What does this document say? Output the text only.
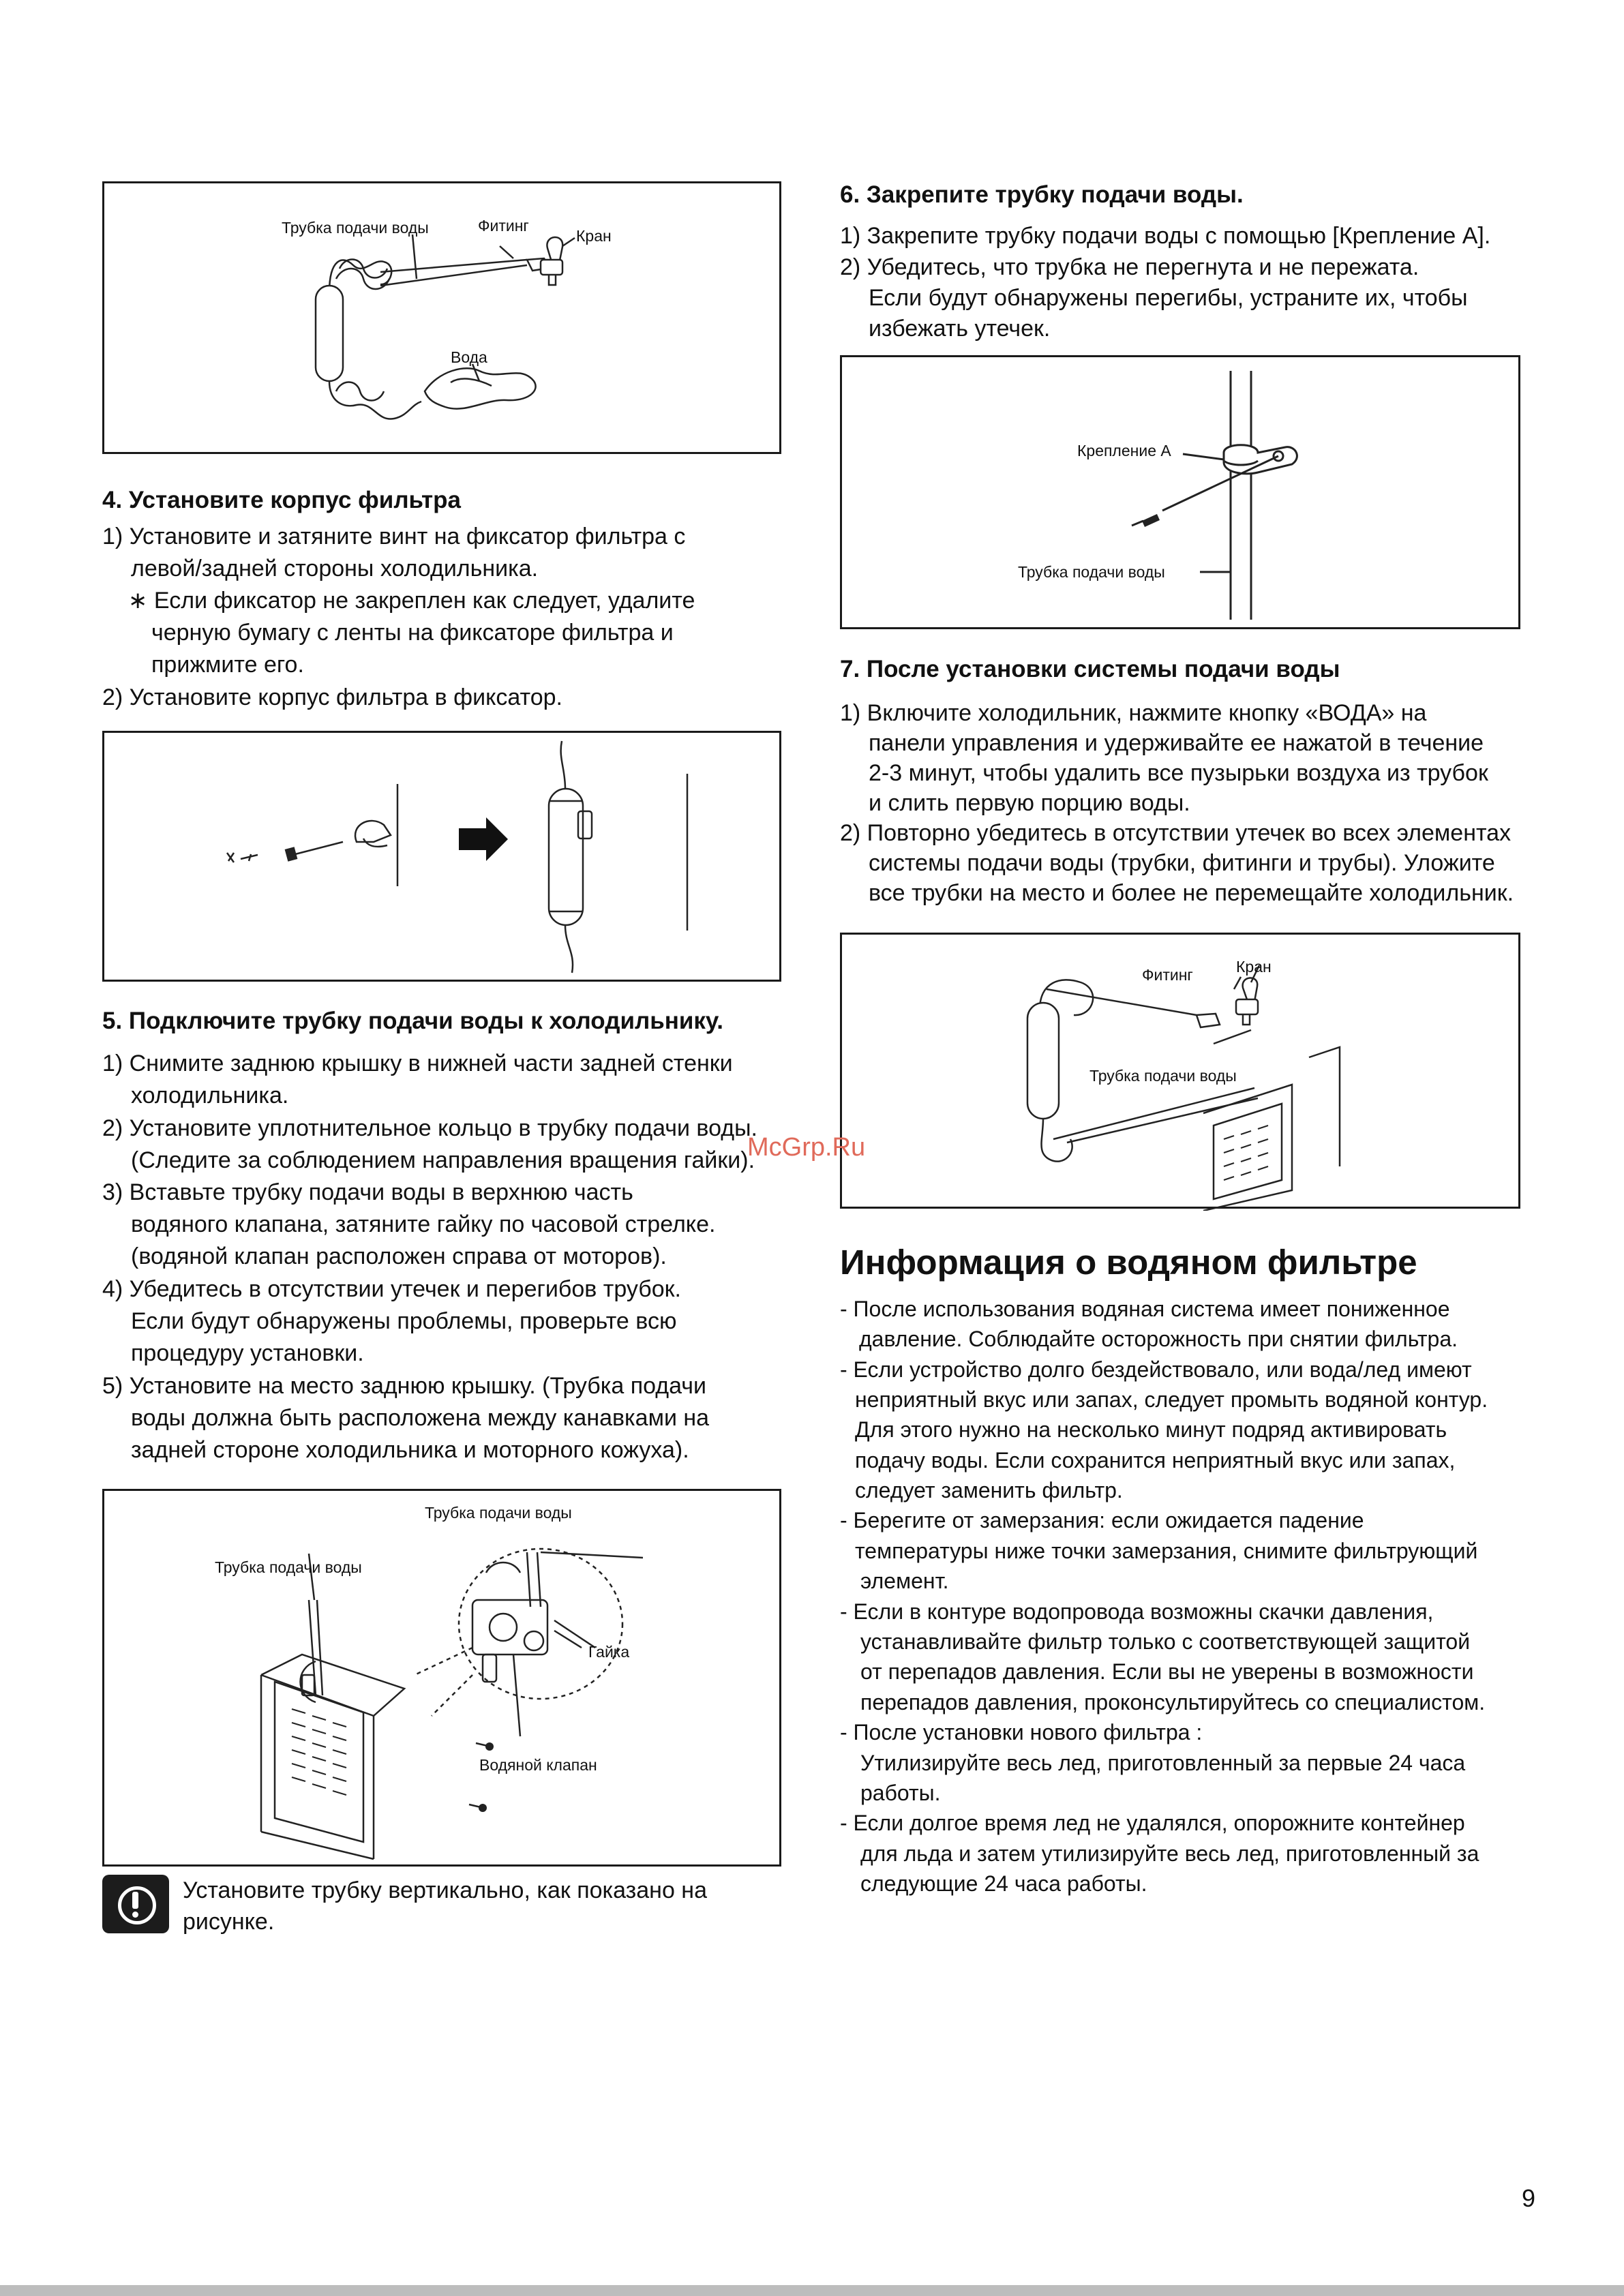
Трубка подачи воды	Фитинг
Кран
Вода
4. Установите корпус фильтра

1) Установите и затяните винт на фиксатор фильтра с

левой/задней стороны холодильника.

∗ Если фиксатор не закреплен как следует, удалите

черную бумагу с ленты на фиксаторе фильтра и

прижмите его.

2) Установите корпус фильтра в фиксатор.

5. Подключите трубку подачи воды к холодильнику.

1) Снимите заднюю крышку в нижней части задней стенки

холодильника.

2) Установите уплотнительное кольцо в трубку подачи воды.

(Следите за соблюдением направления вращения гайки).

3) Вставьте трубку подачи воды в верхнюю часть

водяного клапана, затяните гайку по часовой стрелке.

(водяной клапан расположен справа от моторов).

4) Убедитесь в отсутствии утечек и перегибов трубок.

Если будут обнаружены проблемы, проверьте всю

процедуру установки.

5) Установите на место заднюю крышку. (Трубка подачи

воды должна быть расположена между канавками на

задней стороне холодильника и моторного кожуха).

Трубка подачи воды
Трубка подачи воды
Гайка
Водяной клапан

Установите трубку вертикально, как показано на

рисунке.

6. Закрепите трубку подачи воды.

1) Закрепите трубку подачи воды с помощью [Крепление А].

2) Убедитесь, что трубка не перегнута и не пережата.

Если будут обнаружены перегибы, устраните их, чтобы

избежать утечек.

Крепление А
Трубка подачи воды
7. После установки системы подачи воды

1) Включите холодильник, нажмите кнопку «ВОДА» на

панели управления и удерживайте ее нажатой в течение

2-3 минут, чтобы удалить все пузырьки воздуха из трубок

и слить первую порцию воды.

2) Повторно убедитесь в отсутствии утечек во всех элементах

системы подачи воды (трубки, фитинги и трубы). Уложите

все трубки на место и более не перемещайте холодильник.

Фитинг	Кран
Трубка подачи воды
Информация о водяном фильтре

- После использования водяная система имеет пониженное

давление. Соблюдайте осторожность при снятии фильтра.

- Если устройство долго бездействовало, или вода/лед имеют

неприятный вкус или запах, следует промыть водяной контур.

Для этого нужно на несколько минут подряд активировать

подачу воды. Если сохранится неприятный вкус или запах,

следует заменить фильтр.

- Берегите от замерзания: если ожидается падение

температуры ниже точки замерзания, снимите фильтрующий

элемент.

- Если в контуре водопровода возможны скачки давления,

устанавливайте фильтр только с соответствующей защитой

от перепадов давления. Если вы не уверены в возможности

перепадов давления, проконсультируйтесь со специалистом.

- После установки нового фильтра :

Утилизируйте весь лед, приготовленный за первые 24 часа

работы.

- Если долгое время лед не удалялся, опорожните контейнер

для льда и затем утилизируйте весь лед, приготовленный за

следующие 24 часа работы.

McGrp.Ru
9
